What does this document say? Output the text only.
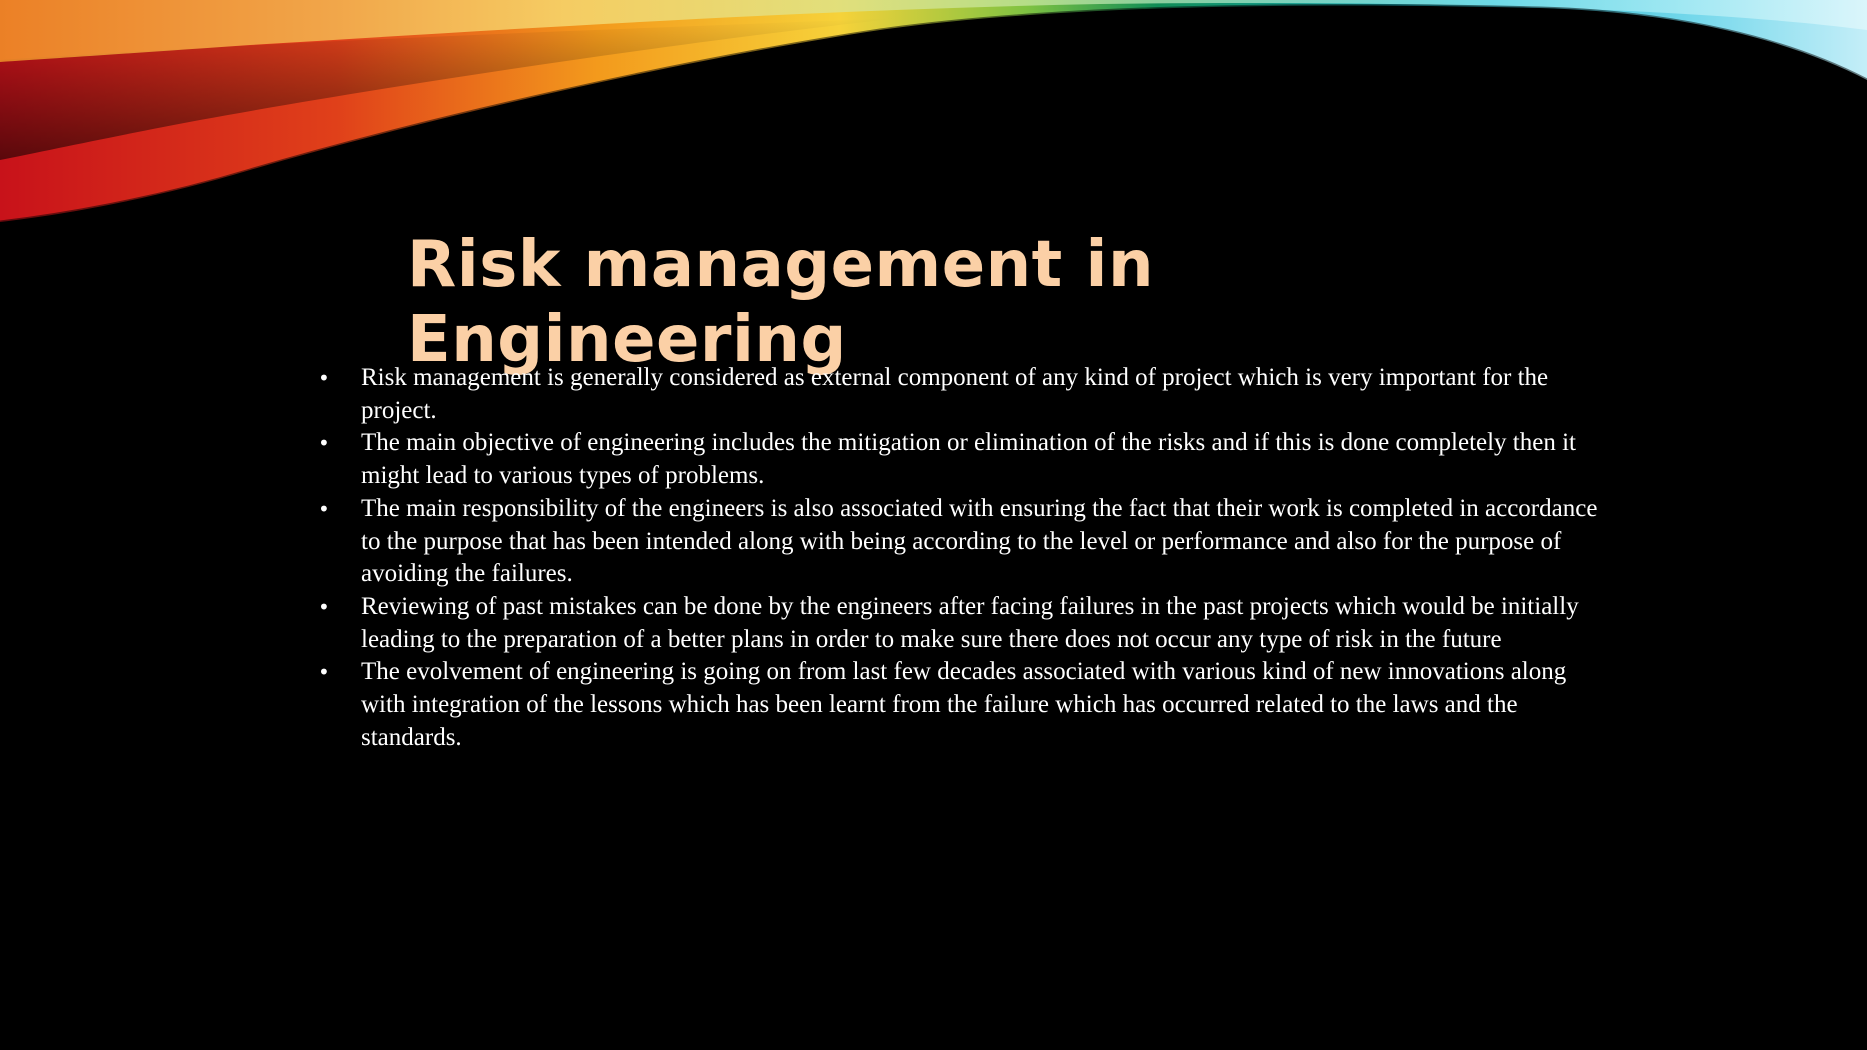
Risk management in Engineering
• Risk management is generally considered as external component of any kind of project which is very important for the project.
• The main objective of engineering includes the mitigation or elimination of the risks and if this is done completely then it might lead to various types of problems.
• The main responsibility of the engineers is also associated with ensuring the fact that their work is completed in accordance to the purpose that has been intended along with being according to the level or performance and also for the purpose of avoiding the failures.
• Reviewing of past mistakes can be done by the engineers after facing failures in the past projects which would be initially leading to the preparation of a better plans in order to make sure there does not occur any type of risk in the future
• The evolvement of engineering is going on from last few decades associated with various kind of new innovations along with integration of the lessons which has been learnt from the failure which has occurred related to the laws and the standards.
